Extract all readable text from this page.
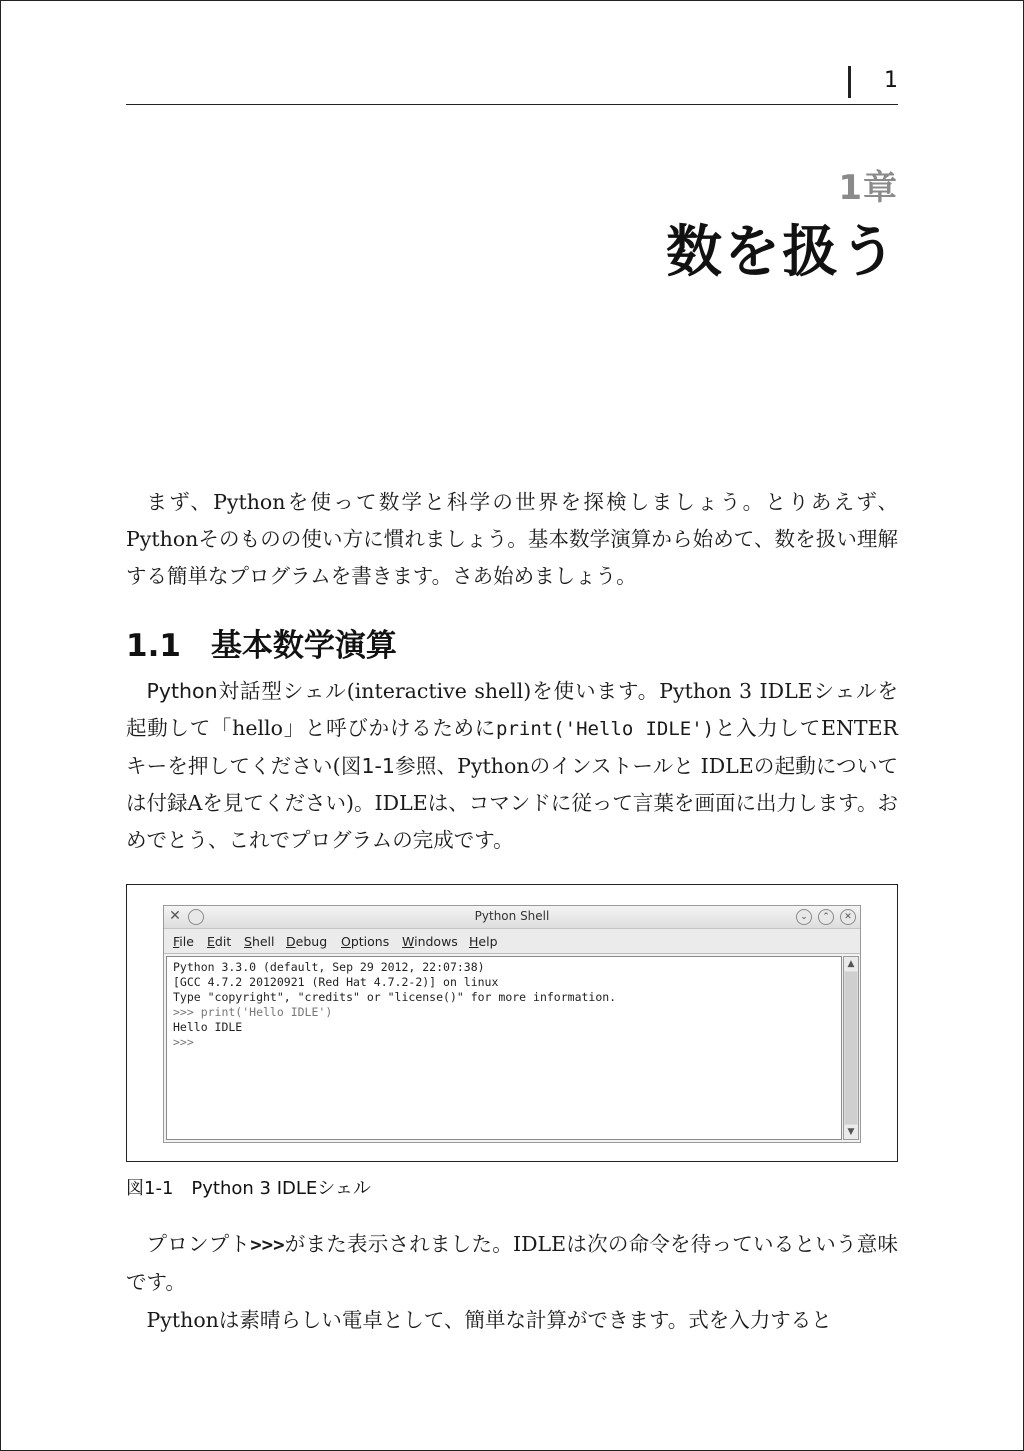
1
1章
数を扱う

まず、Pythonを使って数学と科学の世界を探検しましょう。とりあえず、Pythonそのものの使い方に慣れましょう。基本数学演算から始めて、数を扱い理解する簡単なプログラムを書きます。さあ始めましょう。

1.1 基本数学演算

Python対話型シェル(interactive shell)を使います。Python 3 IDLEシェルを起動して「hello」と呼びかけるためにprint('Hello IDLE')と入力してENTERキーを押してください(図1-1参照、Pythonのインストールと IDLEの起動については付録Aを見てください)。IDLEは、コマンドに従って言葉を画面に出力します。おめでとう、これでプログラムの完成です。

✕	Python Shell	⌄	⌃	✕
File Edit Shell Debug Options Windows Help
Python 3.3.0 (default, Sep 29 2012, 22:07:38)
[GCC 4.7.2 20120921 (Red Hat 4.7.2-2)] on linux
Type "copyright", "credits" or "license()" for more information.
>>> print('Hello IDLE')
Hello IDLE
>>>
▲
▼
図1-1 Python 3 IDLEシェル

プロンプト>>>がまた表示されました。IDLEは次の命令を待っているという意味です。

Pythonは素晴らしい電卓として、簡単な計算ができます。式を入力すると
